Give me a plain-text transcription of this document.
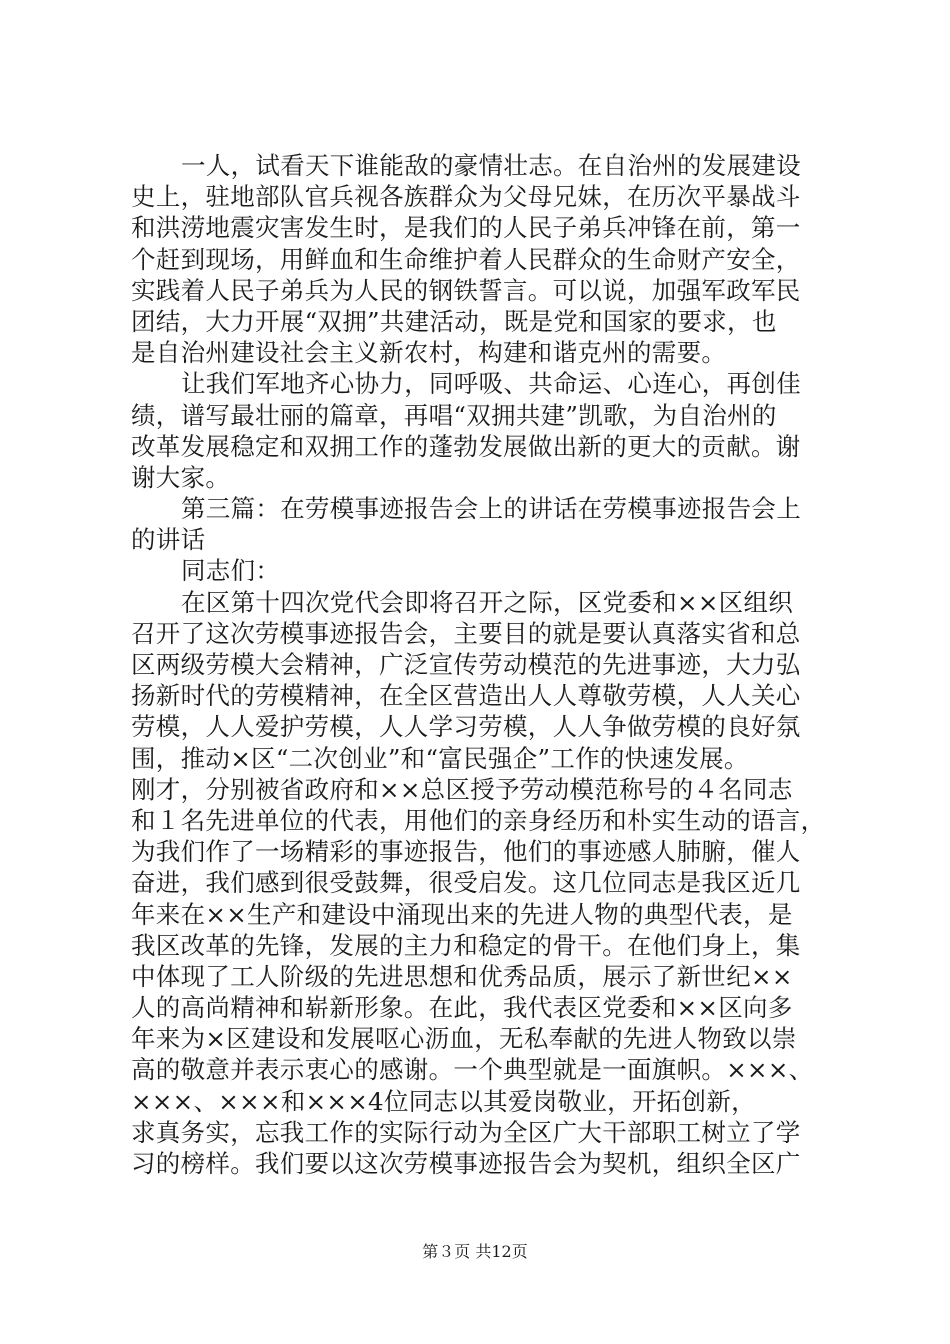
一人，试看天下谁能敌的豪情壮志。在自治州的发展建设
史上，驻地部队官兵视各族群众为父母兄妹，在历次平暴战斗
和洪涝地震灾害发生时，是我们的人民子弟兵冲锋在前，第一
个赶到现场，用鲜血和生命维护着人民群众的生命财产安全，
实践着人民子弟兵为人民的钢铁誓言。可以说，加强军政军民
团结，大力开展“双拥”共建活动，既是党和国家的要求，也
是自治州建设社会主义新农村，构建和谐克州的需要。
让我们军地齐心协力，同呼吸、共命运、心连心，再创佳
绩，谱写最壮丽的篇章，再唱“双拥共建”凯歌，为自治州的
改革发展稳定和双拥工作的蓬勃发展做出新的更大的贡献。谢
谢大家。
第三篇：在劳模事迹报告会上的讲话在劳模事迹报告会上
的讲话
同志们：
在区第十四次党代会即将召开之际，区党委和××区组织
召开了这次劳模事迹报告会，主要目的就是要认真落实省和总
区两级劳模大会精神，广泛宣传劳动模范的先进事迹，大力弘
扬新时代的劳模精神，在全区营造出人人尊敬劳模，人人关心
劳模，人人爱护劳模，人人学习劳模，人人争做劳模的良好氛
围，推动×区“二次创业”和“富民强企”工作的快速发展。
刚才，分别被省政府和××总区授予劳动模范称号的４名同志
和１名先进单位的代表，用他们的亲身经历和朴实生动的语言，
为我们作了一场精彩的事迹报告，他们的事迹感人肺腑，催人
奋进，我们感到很受鼓舞，很受启发。这几位同志是我区近几
年来在××生产和建设中涌现出来的先进人物的典型代表，是
我区改革的先锋，发展的主力和稳定的骨干。在他们身上，集
中体现了工人阶级的先进思想和优秀品质，展示了新世纪××
人的高尚精神和崭新形象。在此，我代表区党委和××区向多
年来为×区建设和发展呕心沥血，无私奉献的先进人物致以崇
高的敬意并表示衷心的感谢。一个典型就是一面旗帜。×××、
×××、×××和×××4位同志以其爱岗敬业，开拓创新，
求真务实，忘我工作的实际行动为全区广大干部职工树立了学
习的榜样。我们要以这次劳模事迹报告会为契机，组织全区广
第３页 共12页
